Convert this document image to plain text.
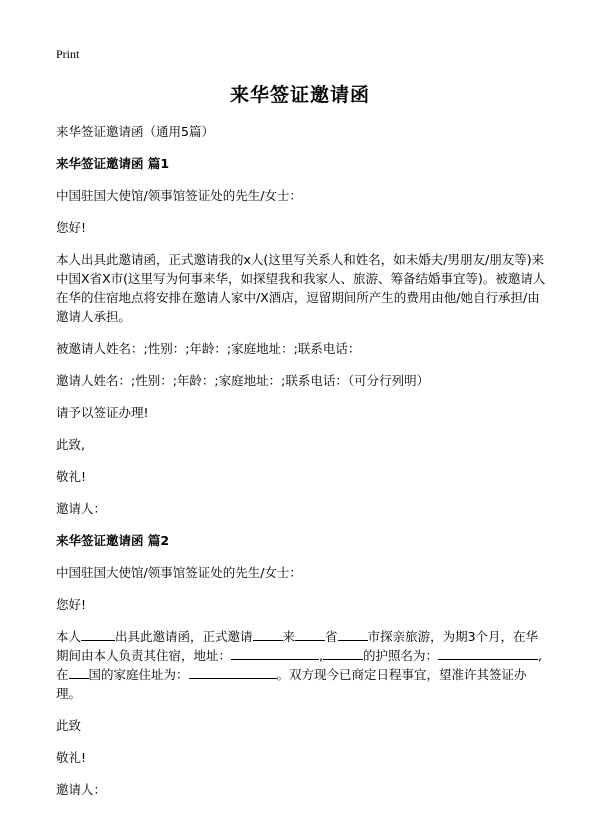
Print
来华签证邀请函

来华签证邀请函（通用5篇）

来华签证邀请函 篇1

中国驻国大使馆/领事馆签证处的先生/女士：

您好!

本人出具此邀请函，正式邀请我的x人(这里写关系人和姓名，如未婚夫/男朋友/朋友等)来中国X省X市(这里写为何事来华，如探望我和我家人、旅游、筹备结婚事宜等)。被邀请人在华的住宿地点将安排在邀请人家中/X酒店，逗留期间所产生的费用由他/她自行承担/由邀请人承担。

被邀请人姓名：;性别：;年龄：;家庭地址：;联系电话：

邀请人姓名：;性别：;年龄：;家庭地址：;联系电话：（可分行列明）

请予以签证办理!

此致,

敬礼!

邀请人：

来华签证邀请函 篇2

中国驻国大使馆/领事馆签证处的先生/女士：

您好!

本人	出具此邀请函，正式邀请 来 省 市探亲旅游，为期3个月，在华期间由本人负责其住宿，地址：	,	的护照名为：	,在 国的家庭住址为：	。双方现今已商定日程事宜，望准许其签证办理。

此致

敬礼!

邀请人：
